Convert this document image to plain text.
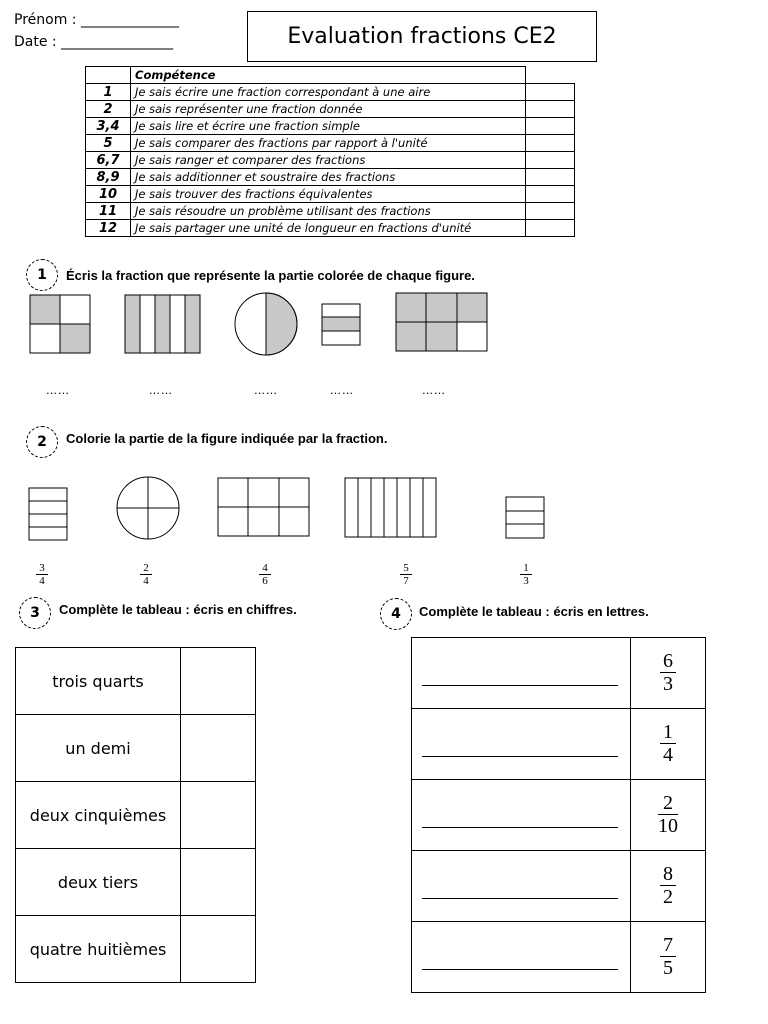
Prénom : ______________
Date : ________________	Evaluation fractions CE2
	Compétence	
1	Je sais écrire une fraction correspondant à une aire	
2	Je sais représenter une fraction donnée	
3,4	Je sais lire et écrire une fraction simple	
5	Je sais comparer des fractions par rapport à l'unité	
6,7	Je sais ranger et comparer des fractions	
8,9	Je sais additionner et soustraire des fractions	
10	Je sais trouver des fractions équivalentes	
11	Je sais résoudre un problème utilisant des fractions	
12	Je sais partager une unité de longueur en fractions d'unité	
1	Écris la fraction que représente la partie colorée de chaque figure.
……	……	……	……	……
2	Colorie la partie de la figure indiquée par la fraction.
$\frac{3}{4}$	$\frac{2}{4}$	$\frac{4}{6}$	$\frac{5}{7}$	$\frac{1}{3}$
3	Complète le tableau : écris en chiffres.
trois quarts	
un demi	
deux cinquièmes	
deux tiers	
quatre huitièmes	
4	Complète le tableau : écris en lettres.

	$\frac{6}{3}$

	$\frac{1}{4}$

	$\frac{2}{10}$

	$\frac{8}{2}$

	$\frac{7}{5}$
